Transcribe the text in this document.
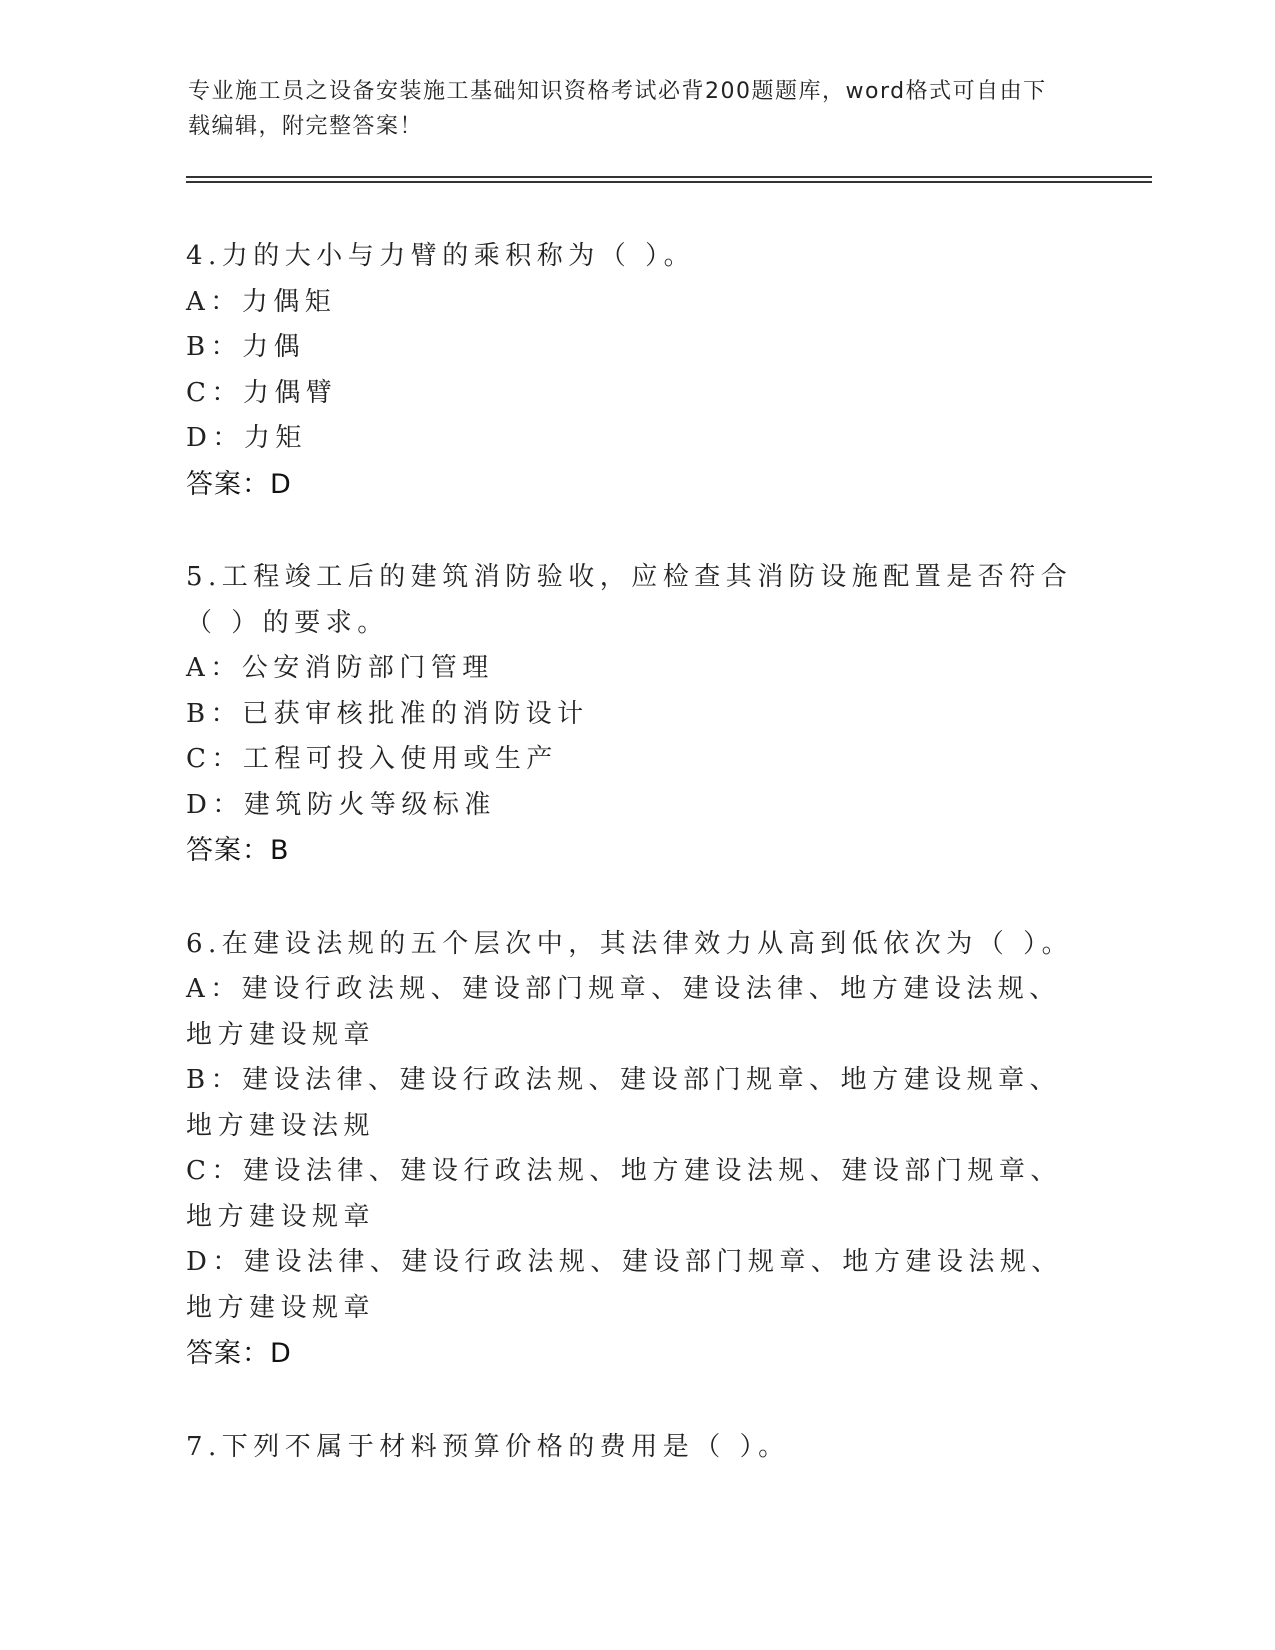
专业施工员之设备安装施工基础知识资格考试必背200题题库，word格式可自由下载编辑，附完整答案！
4.力的大小与力臂的乘积称为（ ）。
A：力偶矩
B：力偶
C：力偶臂
D：力矩
答案：D
5.工程竣工后的建筑消防验收，应检查其消防设施配置是否符合（ ）的要求。
A：公安消防部门管理
B：已获审核批准的消防设计
C：工程可投入使用或生产
D：建筑防火等级标准
答案：B
6.在建设法规的五个层次中，其法律效力从高到低依次为（ ）。
A：建设行政法规、建设部门规章、建设法律、地方建设法规、地方建设规章
B：建设法律、建设行政法规、建设部门规章、地方建设规章、地方建设法规
C：建设法律、建设行政法规、地方建设法规、建设部门规章、地方建设规章
D：建设法律、建设行政法规、建设部门规章、地方建设法规、地方建设规章
答案：D
7.下列不属于材料预算价格的费用是（ ）。
